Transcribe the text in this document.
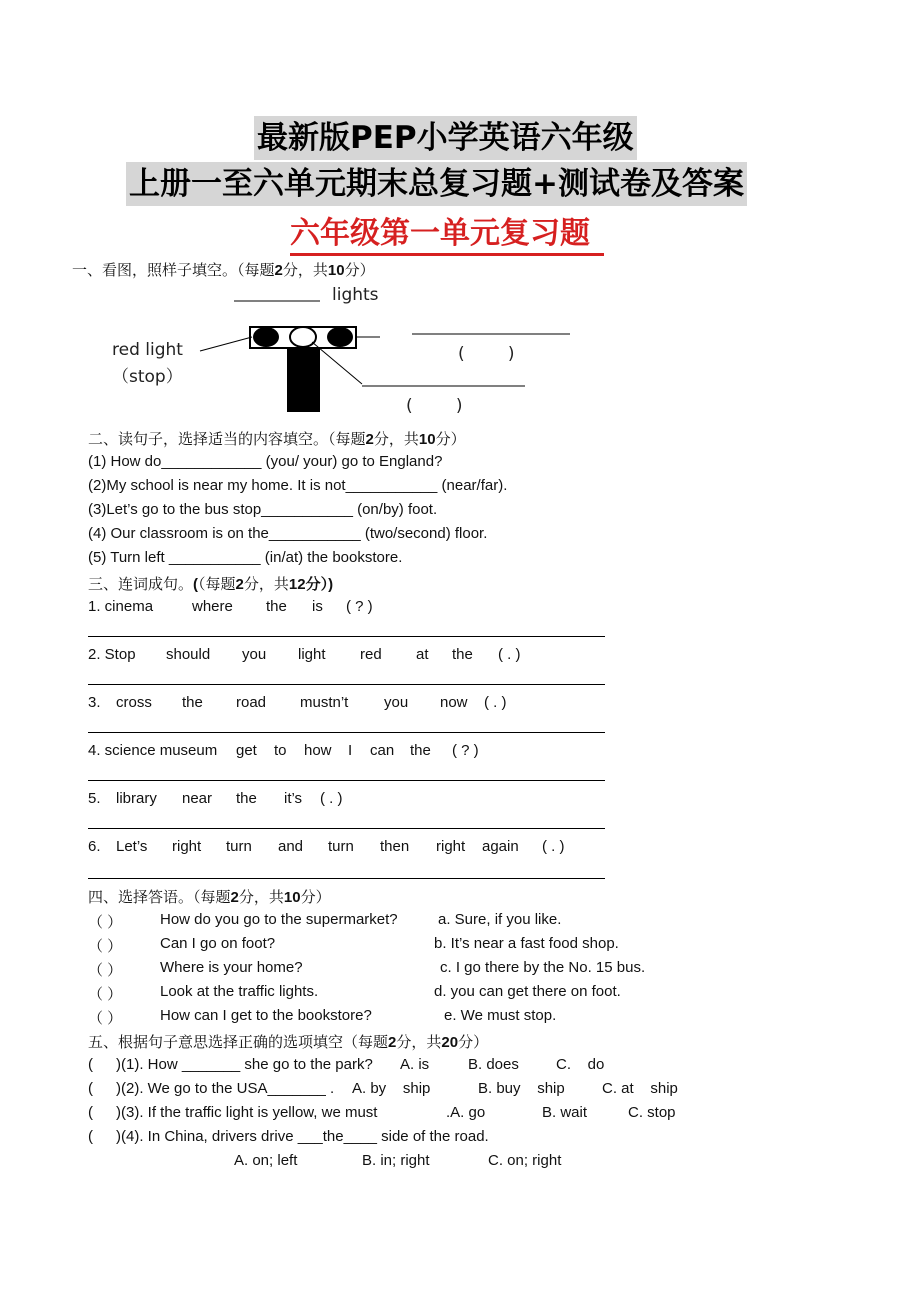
最新版PEP小学英语六年级
上册一至六单元期末总复习题+测试卷及答案
六年级第一单元复习题
一、看图，照样子填空。（每题2分，共10分）
lights
red light
（stop）
(        )
(        )
二、读句子，选择适当的内容填空。（每题2分，共10分）
(1) How do____________ (you/ your) go to England?
(2)My school is near my home. It is not___________ (near/far).
(3)Let’s go to the bus stop___________ (on/by) foot.
(4) Our classroom is on the___________ (two/second) floor.
(5) Turn left ___________ (in/at) the bookstore.
三、连词成句。(（每题2分，共12分）)
1. cinema	where the is ( ? )
2. Stop should you light red at the ( . )
3. cross the road mustn’t you now ( . )
4. science museum get to how I can the ( ? )
5. library near the it’s ( . )
6. Let’s right turn and turn then right again ( . )
四、选择答语。（每题2分，共10分）
（ ）	How do you go to the supermarket?	a. Sure, if you like.
（ ）	Can I go on foot?	b. It’s near a fast food shop.
（ ）	Where is your home?	c. I go there by the No. 15 bus.
（ ）	Look at the traffic lights.	d. you can get there on foot.
（ ）	How can I get to the bookstore?	e. We must stop.
五、根据句子意思选择正确的选项填空（每题2分，共20分）
( )(1). How _______ she go to the park? A. is	B. does C.    do
( )(2). We go to the USA_______ . A. by    ship	B. buy    ship C. at    ship
( )(3). If the traffic light is yellow, we must	.A. go	B. wait	C. stop
( )(4). In China, drivers drive ___the____ side of the road.
A. on; left	B. in; right	C. on; right
